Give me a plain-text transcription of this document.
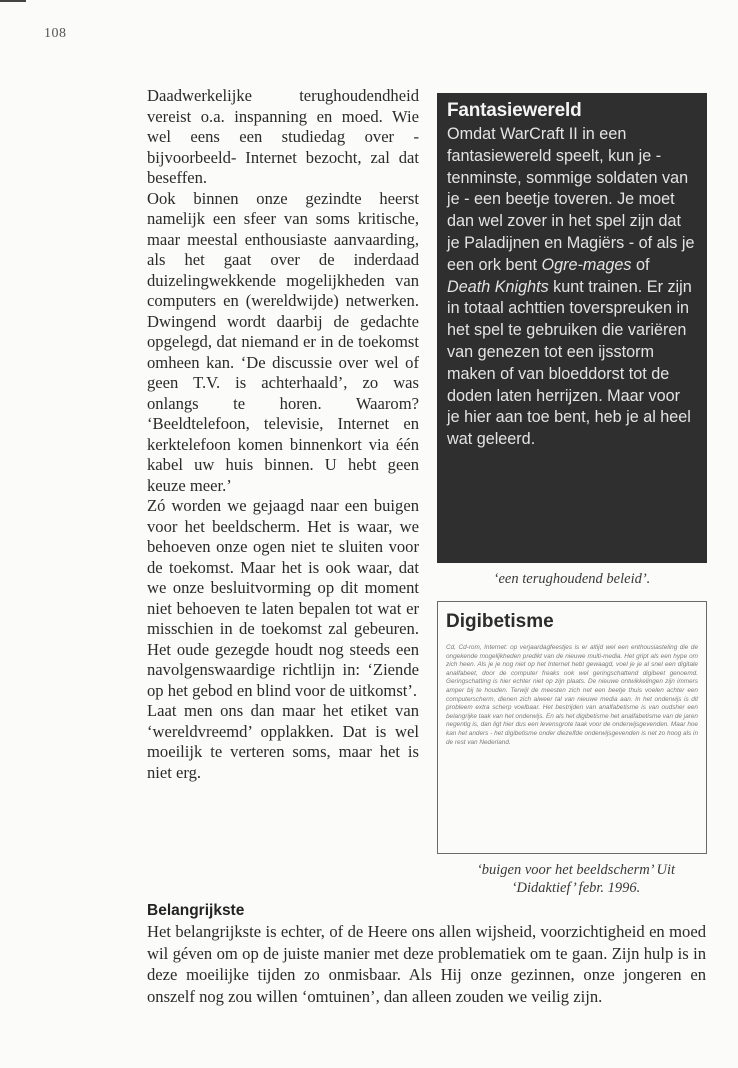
108

Daadwerkelijke terughoudendheid vereist o.a. inspanning en moed. Wie wel eens een studiedag over -bijvoorbeeld- Internet bezocht, zal dat beseffen.

Ook binnen onze gezindte heerst namelijk een sfeer van soms kritische, maar meestal enthousiaste aanvaarding, als het gaat over de inderdaad duizelingwekkende mogelijkheden van computers en (wereldwijde) netwerken. Dwingend wordt daarbij de gedachte opgelegd, dat niemand er in de toekomst omheen kan. ‘De discussie over wel of geen T.V. is achterhaald’, zo was onlangs te horen. Waarom? ‘Beeldtelefoon, televisie, Internet en kerktelefoon komen binnenkort via één kabel uw huis binnen. U hebt geen keuze meer.’

Zó worden we gejaagd naar een buigen voor het beeldscherm. Het is waar, we behoeven onze ogen niet te sluiten voor de toekomst. Maar het is ook waar, dat we onze besluitvorming op dit moment niet behoeven te laten bepalen tot wat er misschien in de toekomst zal gebeuren. Het oude gezegde houdt nog steeds een navolgenswaardige richtlijn in: ‘Ziende op het gebod en blind voor de uitkomst’.

Laat men ons dan maar het etiket van ‘wereldvreemd’ opplakken. Dat is wel moeilijk te verteren soms, maar het is niet erg.

Fantasiewereld

Omdat WarCraft II in een fantasiewereld speelt, kun je - tenminste, sommige soldaten van je - een beetje toveren. Je moet dan wel zover in het spel zijn dat je Paladijnen en Magiërs - of als je een ork bent Ogre-mages of Death Knights kunt trainen. Er zijn in totaal achttien toverspreuken in het spel te gebruiken die variëren van genezen tot een ijsstorm maken of van bloeddorst tot de doden laten herrijzen. Maar voor je hier aan toe bent, heb je al heel wat geleerd.

‘een terughoudend beleid’.
Digibetisme

Cd, Cd-rom, Internet: op verjaardagfeestjes is er altijd wel een enthousiasteling die de ongekende mogelijkheden predikt van de nieuwe multi-media. Het gript als een hype om zich heen. Als je je nog niet op het Internet hebt gewaagd, voel je je al snel een digitale analfabeet, door de computer freaks ook wel geringschattend digibeet genoemd. Geringschatting is hier echter niet op zijn plaats. De nieuwe ontwikkelingen zijn immers amper bij te houden. Terwijl de meesten zich net een beetje thuis voelen achter een computerscherm, dienen zich alweer tal van nieuwe media aan. In het onderwijs is dit probleem extra scherp voelbaar. Het bestrijden van analfabetisme is van oudsher een belangrijke taak van het onderwijs. En als het digibetisme het analfabetisme van de jaren negentig is, dan ligt hier dus een levensgrote taak voor de onderwijsgevenden. Maar hoe kan het anders - het digibetisme onder diezelfde onderwijsgevenden is net zo hoog als in de rest van Nederland.

‘buigen voor het beeldscherm’ Uit
‘Didaktief’ febr. 1996.
Belangrijkste

Het belangrijkste is echter, of de Heere ons allen wijsheid, voorzichtigheid en moed wil géven om op de juiste manier met deze problematiek om te gaan. Zijn hulp is in deze moeilijke tijden zo onmisbaar. Als Hij onze gezinnen, onze jongeren en onszelf nog zou willen ‘omtuinen’, dan alleen zouden we veilig zijn.
